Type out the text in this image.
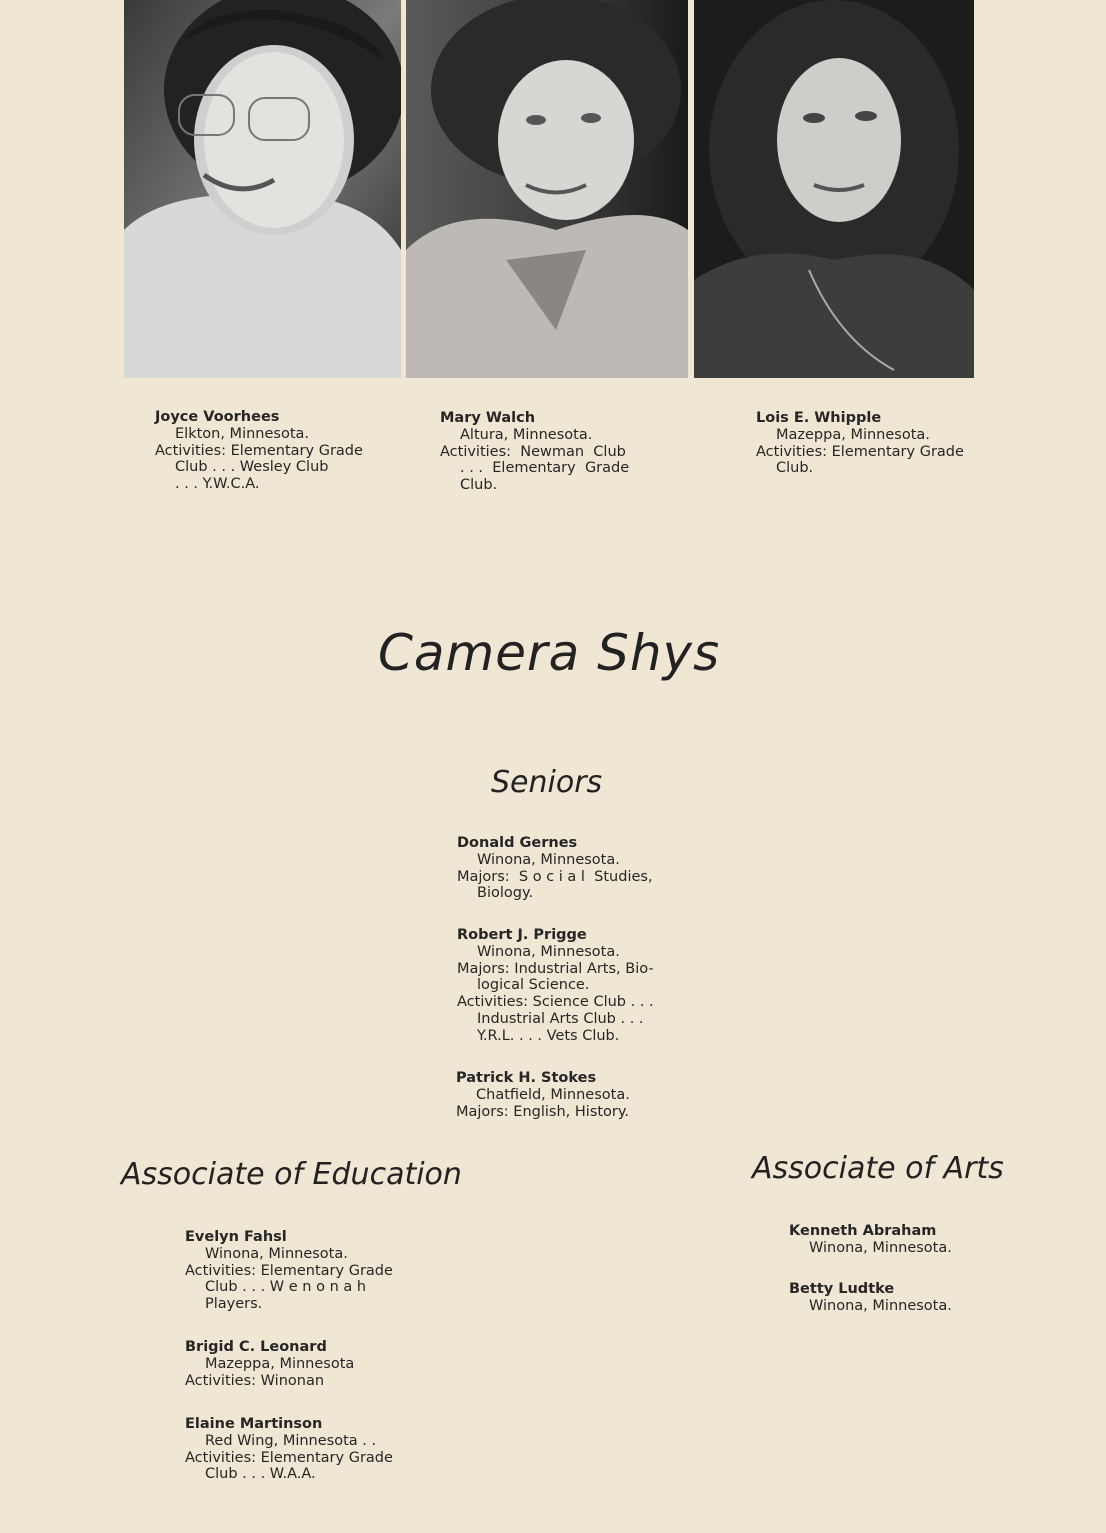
Joyce Voorhees
Elkton, Minnesota.
Activities: Elementary Grade
Club . . . Wesley Club
. . . Y.W.C.A.
Mary Walch
Altura, Minnesota.
Activities:  Newman  Club
. . .  Elementary  Grade
Club.
Lois E. Whipple
Mazeppa, Minnesota.
Activities: Elementary Grade
Club.
Camera Shys
Seniors
Donald Gernes
Winona, Minnesota.
Majors:  S o c i a l  Studies,
Biology.
Robert J. Prigge
Winona, Minnesota.
Majors: Industrial Arts, Bio-
logical Science.
Activities: Science Club . . .
Industrial Arts Club . . .
Y.R.L. . . . Vets Club.
Patrick H. Stokes
Chatfield, Minnesota.
Majors: English, History.
Associate of Education
Evelyn Fahsl
Winona, Minnesota.
Activities: Elementary Grade
Club . . . W e n o n a h
Players.
Brigid C. Leonard
Mazeppa, Minnesota
Activities: Winonan
Elaine Martinson
Red Wing, Minnesota . .
Activities: Elementary Grade
Club . . . W.A.A.
Associate of Arts
Kenneth Abraham
Winona, Minnesota.
Betty Ludtke
Winona, Minnesota.
